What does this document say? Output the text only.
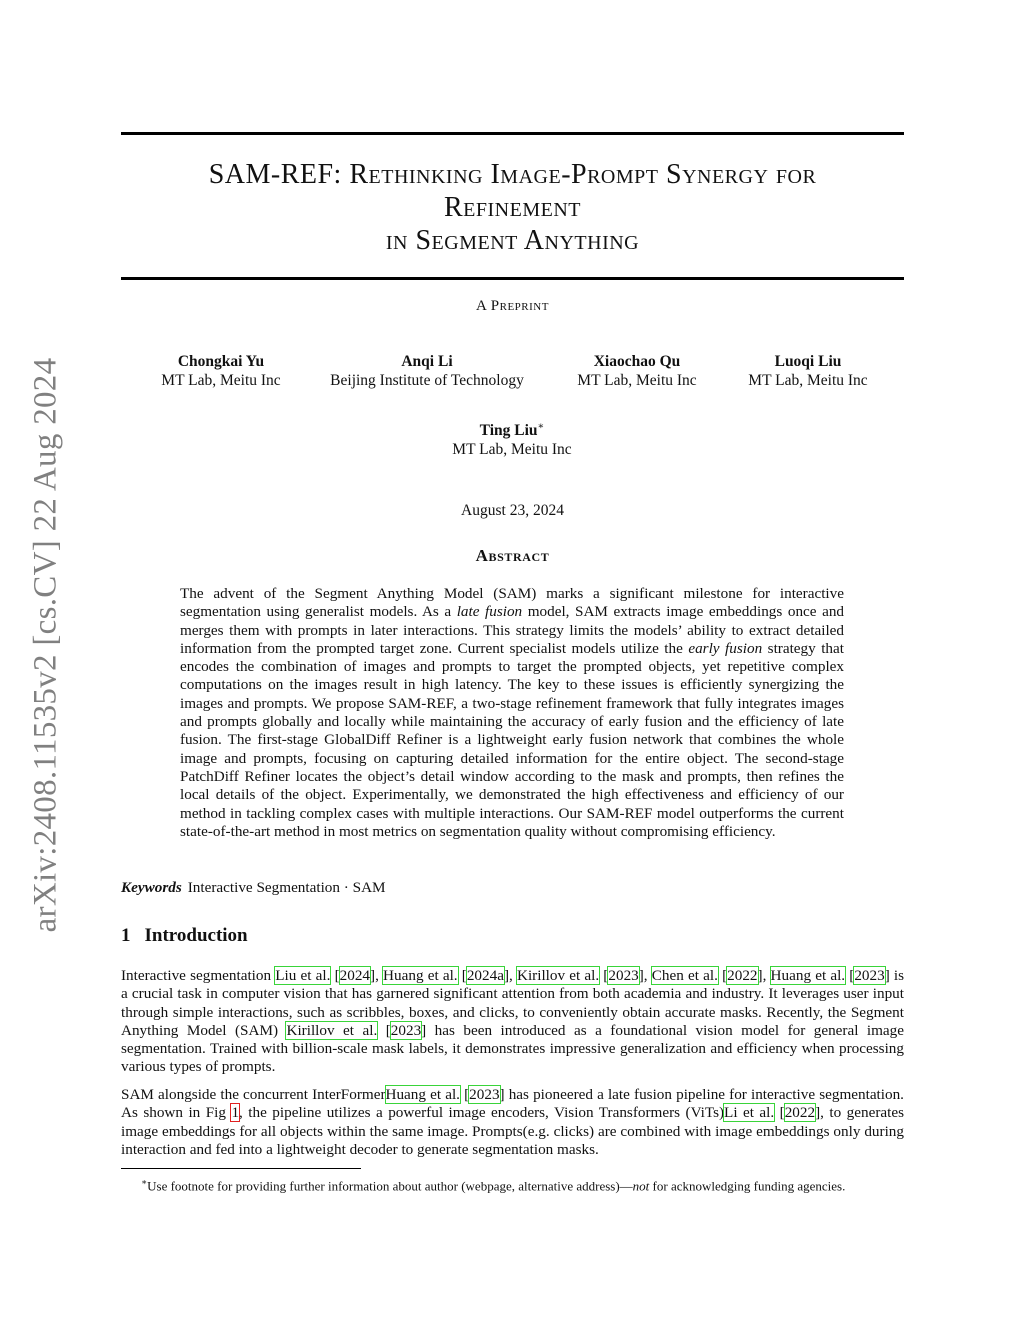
arXiv:2408.11535v2 [cs.CV] 22 Aug 2024
SAM-REF: Rethinking Image-Prompt Synergy for
Refinement
in Segment Anything
A Preprint
Chongkai Yu
MT Lab, Meitu Inc
Anqi Li
Beijing Institute of Technology
Xiaochao Qu
MT Lab, Meitu Inc
Luoqi Liu
MT Lab, Meitu Inc
Ting Liu∗
MT Lab, Meitu Inc
August 23, 2024
Abstract
The advent of the Segment Anything Model (SAM) marks a significant milestone for interactive segmentation using generalist models. As a late fusion model, SAM extracts image embeddings once and merges them with prompts in later interactions. This strategy limits the models’ ability to extract detailed information from the prompted target zone. Current specialist models utilize the early fusion strategy that encodes the combination of images and prompts to target the prompted objects, yet repetitive complex computations on the images result in high latency. The key to these issues is efficiently synergizing the images and prompts. We propose SAM-REF, a two-stage refinement framework that fully integrates images and prompts globally and locally while maintaining the accuracy of early fusion and the efficiency of late fusion. The first-stage GlobalDiff Refiner is a lightweight early fusion network that combines the whole image and prompts, focusing on capturing detailed information for the entire object. The second-stage PatchDiff Refiner locates the object’s detail window according to the mask and prompts, then refines the local details of the object. Experimentally, we demonstrated the high effectiveness and efficiency of our method in tackling complex cases with multiple interactions. Our SAM-REF model outperforms the current state-of-the-art method in most metrics on segmentation quality without compromising efficiency.
Keywords Interactive Segmentation · SAM
1 Introduction
Interactive segmentation Liu et al. [2024], Huang et al. [2024a], Kirillov et al. [2023], Chen et al. [2022], Huang et al. [2023] is a crucial task in computer vision that has garnered significant attention from both academia and industry. It leverages user input through simple interactions, such as scribbles, boxes, and clicks, to conveniently obtain accurate masks. Recently, the Segment Anything Model (SAM) Kirillov et al. [2023] has been introduced as a foundational vision model for general image segmentation. Trained with billion-scale mask labels, it demonstrates impressive generalization and efficiency when processing various types of prompts.
SAM alongside the concurrent InterFormerHuang et al. [2023] has pioneered a late fusion pipeline for interactive segmentation. As shown in Fig 1, the pipeline utilizes a powerful image encoders, Vision Transformers (ViTs)Li et al. [2022], to generates image embeddings for all objects within the same image. Prompts(e.g. clicks) are combined with image embeddings only during interaction and fed into a lightweight decoder to generate segmentation masks.
∗Use footnote for providing further information about author (webpage, alternative address)—not for acknowledging funding agencies.
